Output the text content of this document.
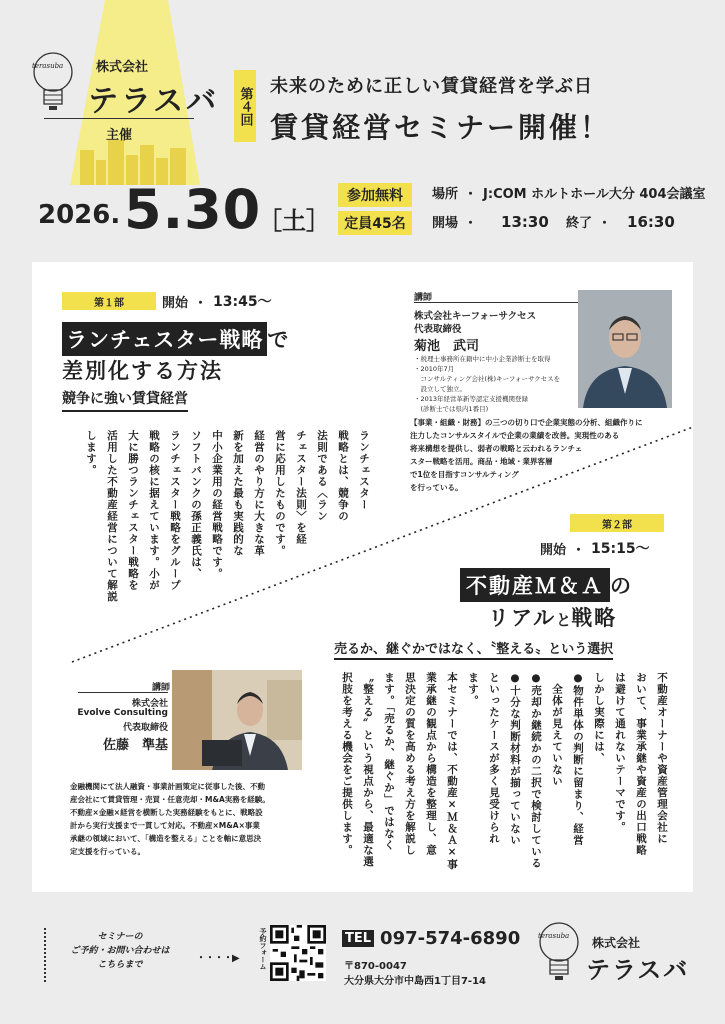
terasuba	株式会社
テラスバ
主催
第４回 未来のために正しい賃貸経営を学ぶ日
賃貸経営セミナー開催！
2026. 5.30
［ 土 ］
参加無料
定員45名
場所 ・ J:COM ホルトホール大分 404会議室
開場 ・ 13:30 終了 ・ 16:30
第１部	開始 ・ 13:45〜
ランチェスター戦略 で
差別化する方法
競争に強い賃貸経営
ランチェスター
戦略とは、競争の
法則である〈ラン
チェスター法則〉を経
営に応用したものです。
経営のやり方に大きな革
新を加えた最も実践的な
中小企業用の経営戦略です。
ソフトバンクの孫正義氏は、
ランチェスター戦略をグループ
戦略の核に据えています。小が
大に勝つランチェスター戦略を
活用した不動産経営について解説
します。
講師
株式会社キーフォーサクセス
代表取締役
菊池　武司
・税理士事務所在籍中に中小企業診断士を取得
・2010年7月
　コンサルティング会社(株)キーフォーサクセスを
　設立して独立。
・2013年経営革新等認定支援機関登録
　(診断士では県内1番目)
【事業・組織・財務】の三つの切り口で企業実態の分析、組織作りに
注力したコンサルスタイルで企業の業績を改善。実現性のある
将来構想を提供し、弱者の戦略と云われるランチェ
スター戦略を活用。商品・地域・業界客層
で1位を目指すコンサルティング
を行っている。
第２部
開始 ・ 15:15〜
不動産Ｍ＆Ａ の
リアル と 戦略
売るか、継ぐかではなく、〝整える〟という選択
不動産オーナーや資産管理会社に
おいて、事業承継や資産の出口戦略
は避けて通れないテーマです。
しかし実際には、
●物件単体の判断に留まり、経営
　全体が見えていない
●売却か継続かの二択で検討している
●十分な判断材料が揃っていない
といったケースが多く見受けられ
ます。
本セミナーでは、不動産×Ｍ＆Ａ×事
業承継の観点から構造を整理し、意
思決定の質を高める考え方を解説し
ます。「売るか、継ぐか」ではなく
〝整える〟という視点から、最適な選
択肢を考える機会をご提供します。
講師
株式会社
Evolve Consulting
代表取締役
佐藤　準基
金融機関にて法人融資・事業計画策定に従事した後、不動
産会社にて賃貸管理・売買・任意売却・M&A実務を経験。
不動産×金融×経営を横断した実務経験をもとに、戦略設
計から実行支援まで一貫して対応。不動産×M&A×事業
承継の領域において、「構造を整える」ことを軸に意思決
定支援を行っている。
セミナーの
ご予約・お問い合わせは
こちらまで
・・・・▶	予約フォーム	TEL 097-574-6890
〒870-0047
大分県大分市中島西1丁目7-14
terasuba 株式会社
テラスバ
